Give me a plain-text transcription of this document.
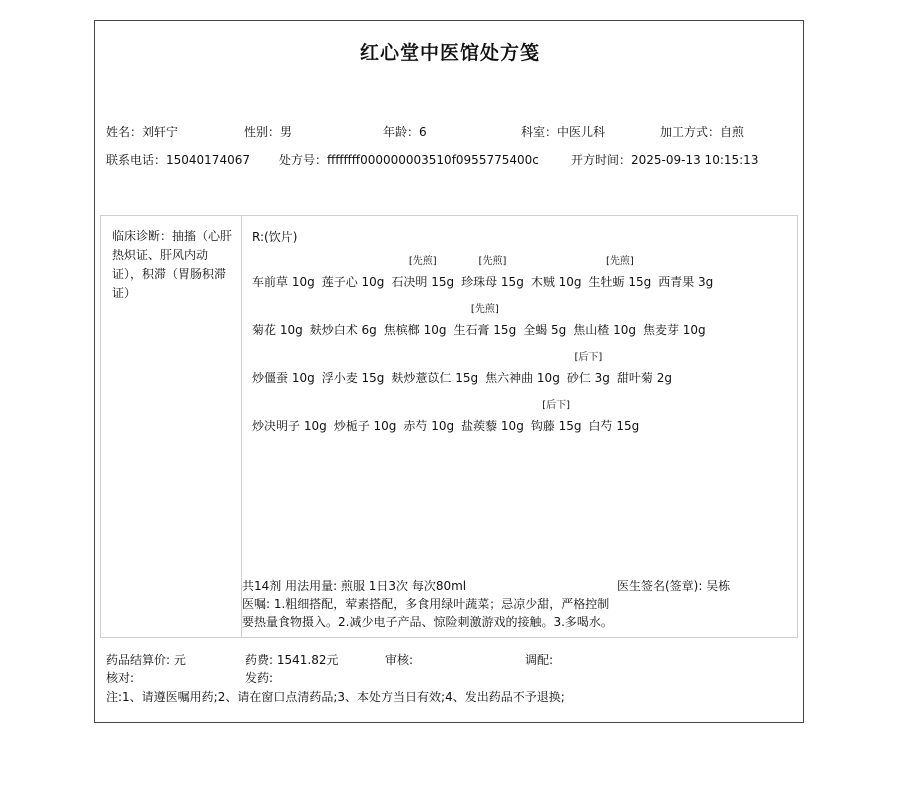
红心堂中医馆处方笺
姓名：刘轩宁	性别：男	年龄：6	科室：中医儿科	加工方式：自煎
联系电话：15040174067 处方号：ffffffff000000003510f0955775400c	开方时间：2025-09-13 10:15:13
临床诊断：抽搐（心肝热炽证、肝风内动证），积滞（胃肠积滞证）
R:(饮片)
车前草 10g 莲子心 10g
[先煎]
石决明 15g
[先煎]
珍珠母 15g 木贼 10g
[先煎]
生牡蛎 15g 西青果 3g
菊花 10g 麸炒白术 6g 焦槟榔 10g
[先煎]
生石膏 15g 全蝎 5g 焦山楂 10g 焦麦芽 10g
炒僵蚕 10g 浮小麦 15g 麸炒薏苡仁 15g 焦六神曲 10g
[后下]
砂仁 3g 甜叶菊 2g
炒决明子 10g 炒栀子 10g 赤芍 10g 盐蒺藜 10g
[后下]
钩藤 15g 白芍 15g
共14剂 用法用量: 煎服 1日3次 每次80ml	医生签名(签章): 吴栋
医嘱: 1.粗细搭配，荤素搭配，多食用绿叶蔬菜；忌凉少甜，严格控制要热量食物摄入。2.减少电子产品、惊险刺激游戏的接触。3.多喝水。
药品结算价: 元	药费: 1541.82元	审核:	调配:
核对:	发药:
注:1、请遵医嘱用药;2、请在窗口点清药品;3、本处方当日有效;4、发出药品不予退换;
